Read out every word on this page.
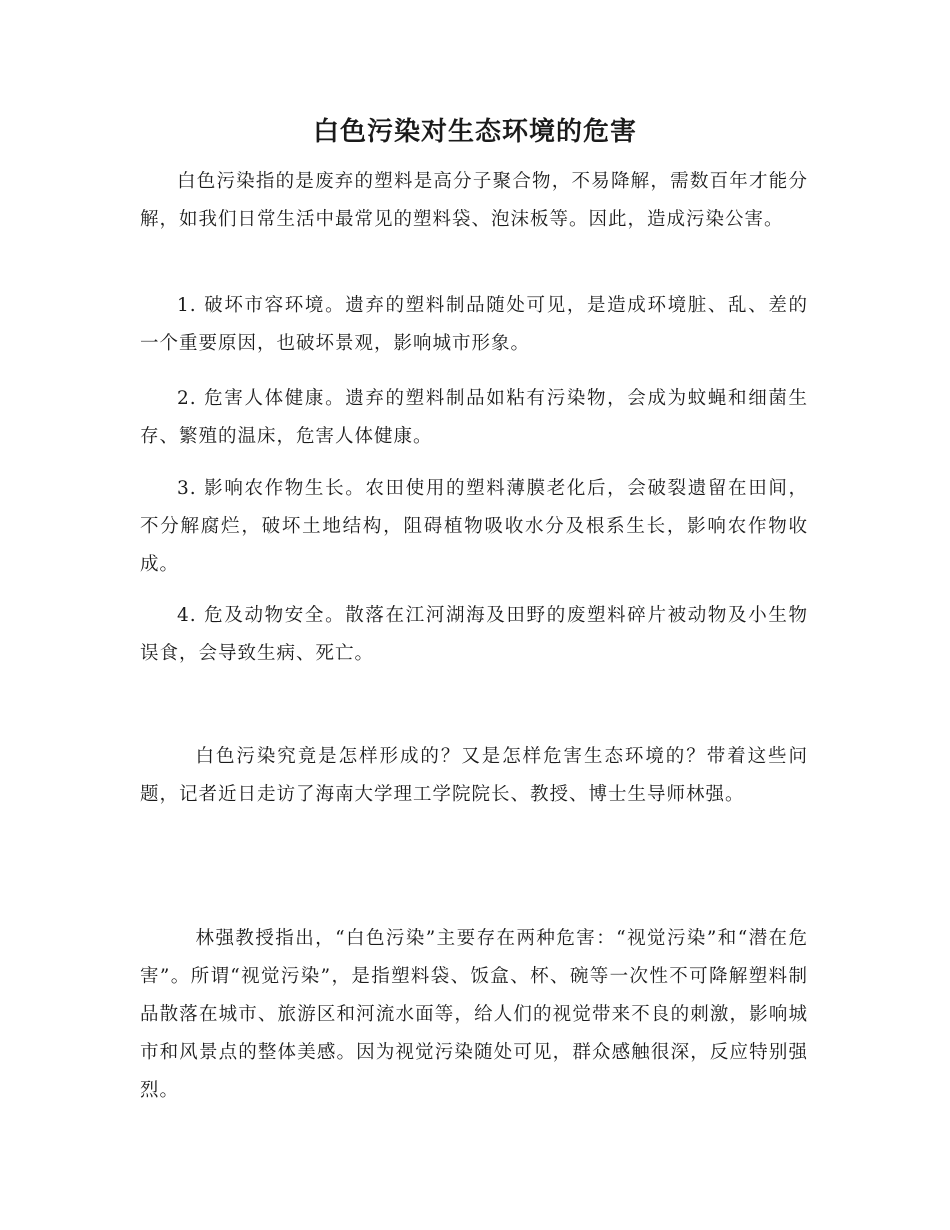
白色污染对生态环境的危害

白色污染指的是废弃的塑料是高分子聚合物，不易降解，需数百年才能分解，如我们日常生活中最常见的塑料袋、泡沫板等。因此，造成污染公害。

1. 破坏市容环境。遗弃的塑料制品随处可见，是造成环境脏、乱、差的一个重要原因，也破坏景观，影响城市形象。

2. 危害人体健康。遗弃的塑料制品如粘有污染物，会成为蚊蝇和细菌生存、繁殖的温床，危害人体健康。

3. 影响农作物生长。农田使用的塑料薄膜老化后，会破裂遗留在田间，不分解腐烂，破坏土地结构，阻碍植物吸收水分及根系生长，影响农作物收成。

4. 危及动物安全。散落在江河湖海及田野的废塑料碎片被动物及小生物误食，会导致生病、死亡。

白色污染究竟是怎样形成的？又是怎样危害生态环境的？带着这些问题，记者近日走访了海南大学理工学院院长、教授、博士生导师林强。

林强教授指出，“白色污染”主要存在两种危害：“视觉污染”和“潜在危害”。所谓“视觉污染”，是指塑料袋、饭盒、杯、碗等一次性不可降解塑料制品散落在城市、旅游区和河流水面等，给人们的视觉带来不良的刺激，影响城市和风景点的整体美感。因为视觉污染随处可见，群众感触很深，反应特别强烈。
